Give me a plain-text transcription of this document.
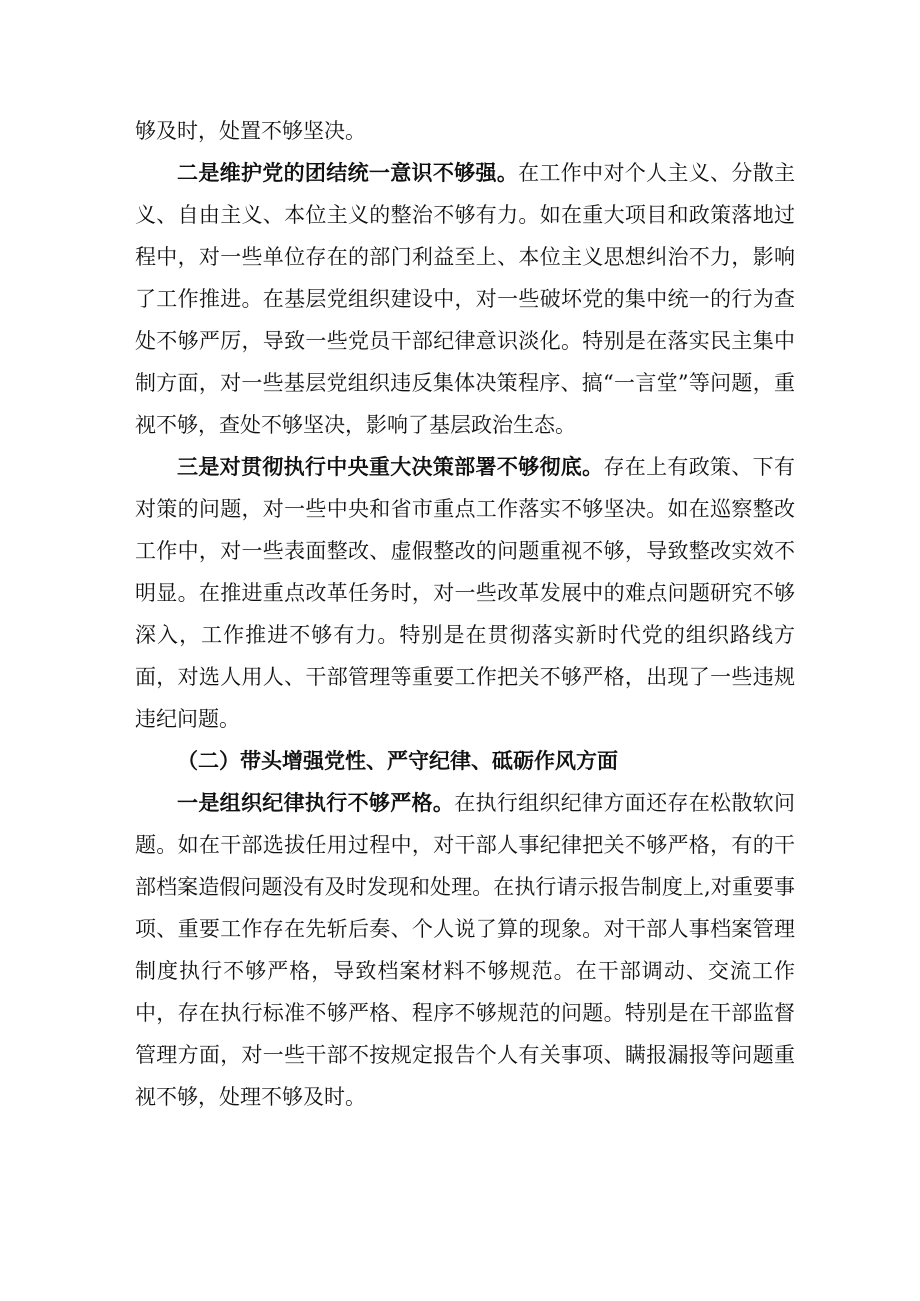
够及时，处置不够坚决。

二是维护党的团结统一意识不够强。在工作中对个人主义、分散主义、自由主义、本位主义的整治不够有力。如在重大项目和政策落地过程中，对一些单位存在的部门利益至上、本位主义思想纠治不力，影响了工作推进。在基层党组织建设中，对一些破坏党的集中统一的行为查处不够严厉，导致一些党员干部纪律意识淡化。特别是在落实民主集中制方面，对一些基层党组织违反集体决策程序、搞“一言堂”等问题，重视不够，查处不够坚决，影响了基层政治生态。

三是对贯彻执行中央重大决策部署不够彻底。存在上有政策、下有对策的问题，对一些中央和省市重点工作落实不够坚决。如在巡察整改工作中，对一些表面整改、虚假整改的问题重视不够，导致整改实效不明显。在推进重点改革任务时，对一些改革发展中的难点问题研究不够深入，工作推进不够有力。特别是在贯彻落实新时代党的组织路线方面，对选人用人、干部管理等重要工作把关不够严格，出现了一些违规违纪问题。

（二）带头增强党性、严守纪律、砥砺作风方面

一是组织纪律执行不够严格。在执行组织纪律方面还存在松散软问题。如在干部选拔任用过程中，对干部人事纪律把关不够严格，有的干部档案造假问题没有及时发现和处理。在执行请示报告制度上,对重要事项、重要工作存在先斩后奏、个人说了算的现象。对干部人事档案管理制度执行不够严格，导致档案材料不够规范。在干部调动、交流工作中，存在执行标准不够严格、程序不够规范的问题。特别是在干部监督管理方面，对一些干部不按规定报告个人有关事项、瞒报漏报等问题重视不够，处理不够及时。
